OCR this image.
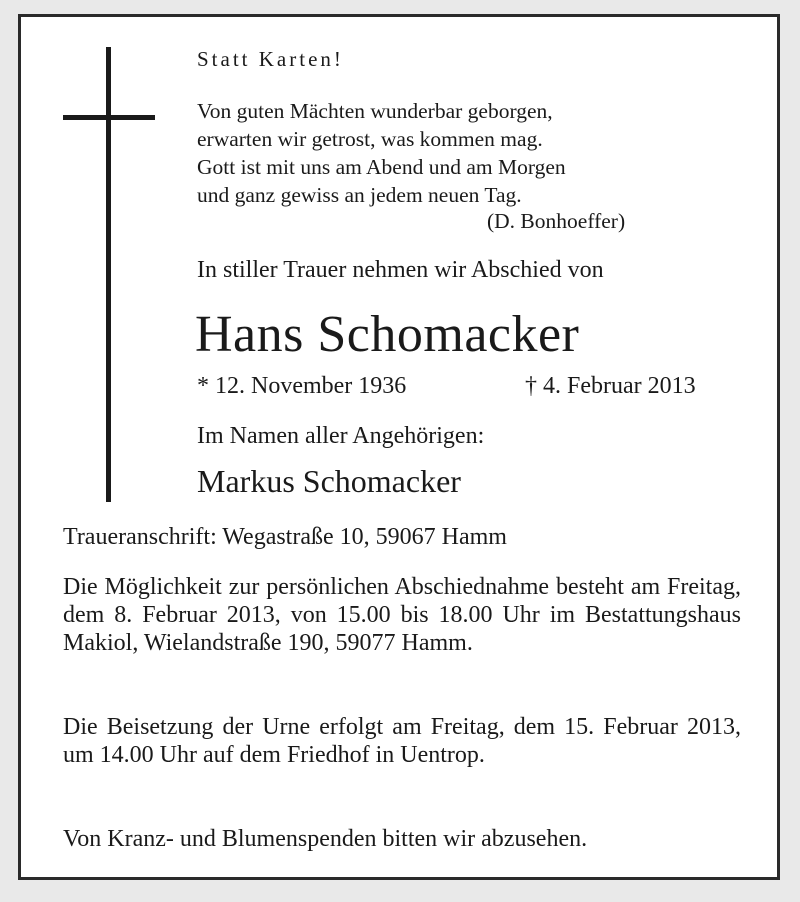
Statt Karten!
Von guten Mächten wunderbar geborgen,
erwarten wir getrost, was kommen mag.
Gott ist mit uns am Abend und am Morgen
und ganz gewiss an jedem neuen Tag.
(D. Bonhoeffer)
In stiller Trauer nehmen wir Abschied von
Hans Schomacker
* 12. November 1936	† 4. Februar 2013
Im Namen aller Angehörigen:
Markus Schomacker
Traueranschrift: Wegastraße 10, 59067 Hamm
Die Möglichkeit zur persönlichen Abschiednahme besteht am Freitag, dem 8. Februar 2013, von 15.00 bis 18.00 Uhr im Bestattungshaus Makiol, Wielandstraße 190, 59077 Hamm.
Die Beisetzung der Urne erfolgt am Freitag, dem 15. Februar 2013, um 14.00 Uhr auf dem Friedhof in Uentrop.
Von Kranz- und Blumenspenden bitten wir abzusehen.
